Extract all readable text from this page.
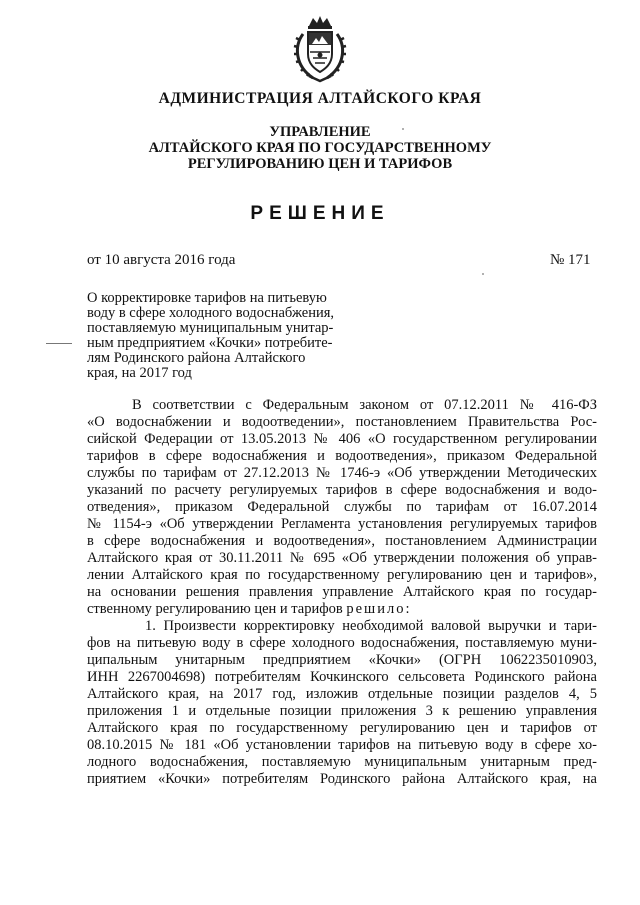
АДМИНИСТРАЦИЯ АЛТАЙСКОГО КРАЯ
УПРАВЛЕНИЕ
АЛТАЙСКОГО КРАЯ ПО ГОСУДАРСТВЕННОМУ
РЕГУЛИРОВАНИЮ ЦЕН И ТАРИФОВ
РЕШЕНИЕ
от 10 августа 2016 года	№ 171
О корректировке тарифов на питьевую
воду в сфере холодного водоснабжения,
поставляемую муниципальным унитар-
ным предприятием «Кочки» потребите-
лям Родинского района Алтайского
края, на 2017 год
В соответствии с Федеральным законом от 07.12.2011 № 416-ФЗ
«О водоснабжении и водоотведении», постановлением Правительства Рос-
сийской Федерации от 13.05.2013 № 406 «О государственном регулировании
тарифов в сфере водоснабжения и водоотведения», приказом Федеральной
службы по тарифам от 27.12.2013 № 1746-э «Об утверждении Методических
указаний по расчету регулируемых тарифов в сфере водоснабжения и водо-
отведения», приказом Федеральной службы по тарифам от 16.07.2014
№ 1154-э «Об утверждении Регламента установления регулируемых тарифов
в сфере водоснабжения и водоотведения», постановлением Администрации
Алтайского края от 30.11.2011 № 695 «Об утверждении положения об управ-
лении Алтайского края по государственному регулированию цен и тарифов»,
на основании решения правления управление Алтайского края по государ-
ственному регулированию цен и тарифов решило:
1. Произвести корректировку необходимой валовой выручки и тари-
фов на питьевую воду в сфере холодного водоснабжения, поставляемую муни-
ципальным унитарным предприятием «Кочки» (ОГРН 1062235010903,
ИНН 2267004698) потребителям Кочкинского сельсовета Родинского района
Алтайского края, на 2017 год, изложив отдельные позиции разделов 4, 5
приложения 1 и отдельные позиции приложения 3 к решению управления
Алтайского края по государственному регулированию цен и тарифов от
08.10.2015 № 181 «Об установлении тарифов на питьевую воду в сфере хо-
лодного водоснабжения, поставляемую муниципальным унитарным пред-
приятием «Кочки» потребителям Родинского района Алтайского края, на
